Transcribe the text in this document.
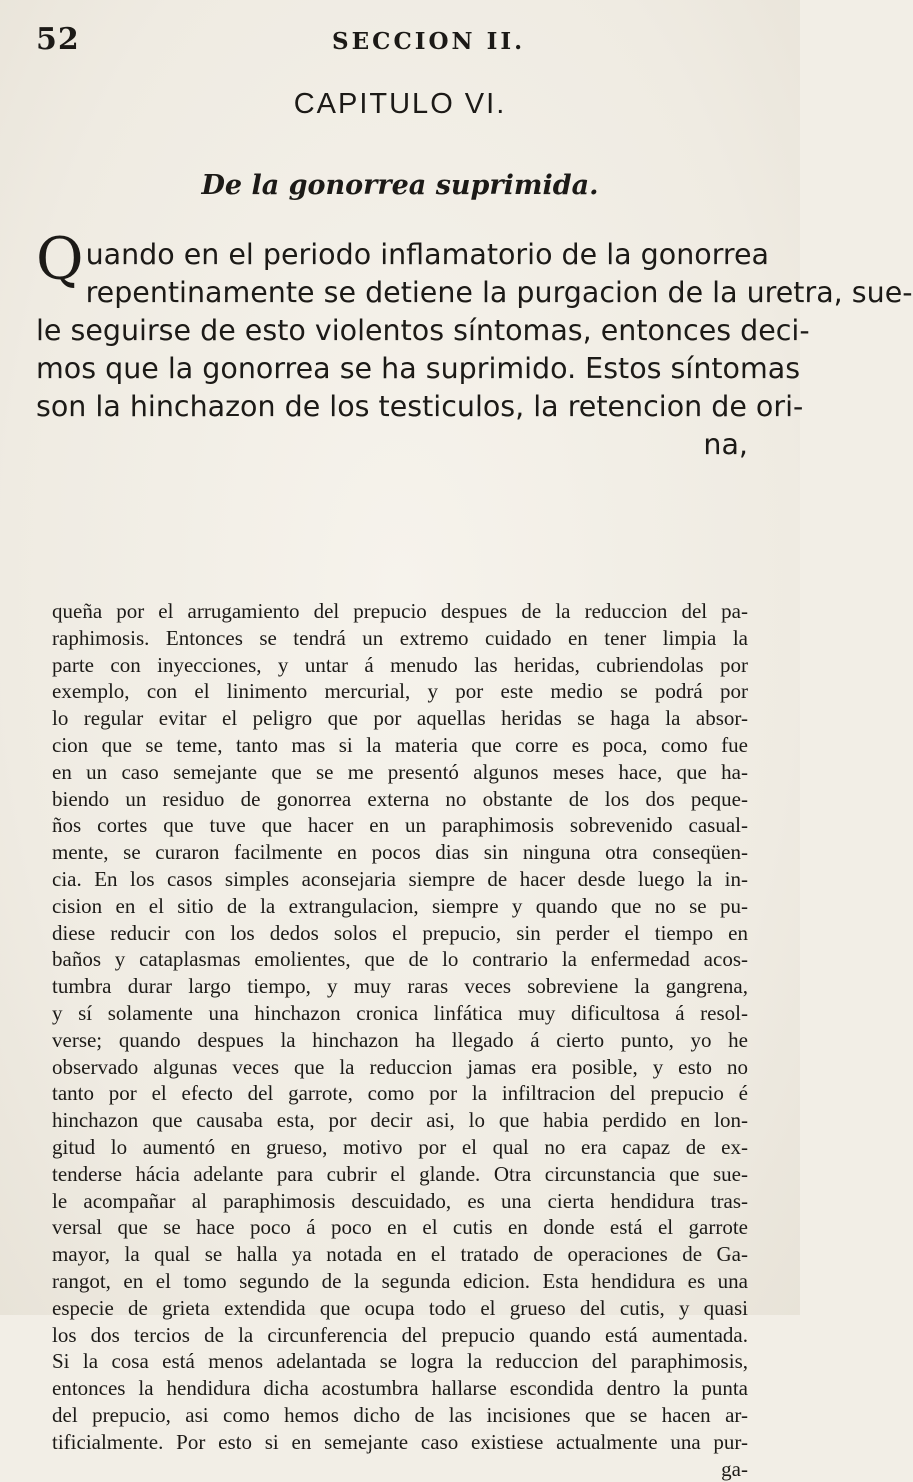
52	SECCION II.
CAPITULO VI.
De la gonorrea suprimida.
Q uando en el periodo inflamatorio de la gonorrea
repentinamente se detiene la purgacion de la uretra, sue-
le seguirse de esto violentos síntomas, entonces deci-
mos que la gonorrea se ha suprimido. Estos síntomas
son la hinchazon de los testiculos, la retencion de ori-
na,
queña por el arrugamiento del prepucio despues de la reduccion del pa-
raphimosis. Entonces se tendrá un extremo cuidado en tener limpia la
parte con inyecciones, y untar á menudo las heridas, cubriendolas por
exemplo, con el linimento mercurial, y por este medio se podrá por
lo regular evitar el peligro que por aquellas heridas se haga la absor-
cion que se teme, tanto mas si la materia que corre es poca, como fue
en un caso semejante que se me presentó algunos meses hace, que ha-
biendo un residuo de gonorrea externa no obstante de los dos peque-
ños cortes que tuve que hacer en un paraphimosis sobrevenido casual-
mente, se curaron facilmente en pocos dias sin ninguna otra conseqüen-
cia. En los casos simples aconsejaria siempre de hacer desde luego la in-
cision en el sitio de la extrangulacion, siempre y quando que no se pu-
diese reducir con los dedos solos el prepucio, sin perder el tiempo en
baños y cataplasmas emolientes, que de lo contrario la enfermedad acos-
tumbra durar largo tiempo, y muy raras veces sobreviene la gangrena,
y sí solamente una hinchazon cronica linfática muy dificultosa á resol-
verse; quando despues la hinchazon ha llegado á cierto punto, yo he
observado algunas veces que la reduccion jamas era posible, y esto no
tanto por el efecto del garrote, como por la infiltracion del prepucio é
hinchazon que causaba esta, por decir asi, lo que habia perdido en lon-
gitud lo aumentó en grueso, motivo por el qual no era capaz de ex-
tenderse hácia adelante para cubrir el glande. Otra circunstancia que sue-
le acompañar al paraphimosis descuidado, es una cierta hendidura tras-
versal que se hace poco á poco en el cutis en donde está el garrote
mayor, la qual se halla ya notada en el tratado de operaciones de Ga-
rangot, en el tomo segundo de la segunda edicion. Esta hendidura es una
especie de grieta extendida que ocupa todo el grueso del cutis, y quasi
los dos tercios de la circunferencia del prepucio quando está aumentada.
Si la cosa está menos adelantada se logra la reduccion del paraphimosis,
entonces la hendidura dicha acostumbra hallarse escondida dentro la punta
del prepucio, asi como hemos dicho de las incisiones que se hacen ar-
tificialmente. Por esto si en semejante caso existiese actualmente una pur-
ga-
